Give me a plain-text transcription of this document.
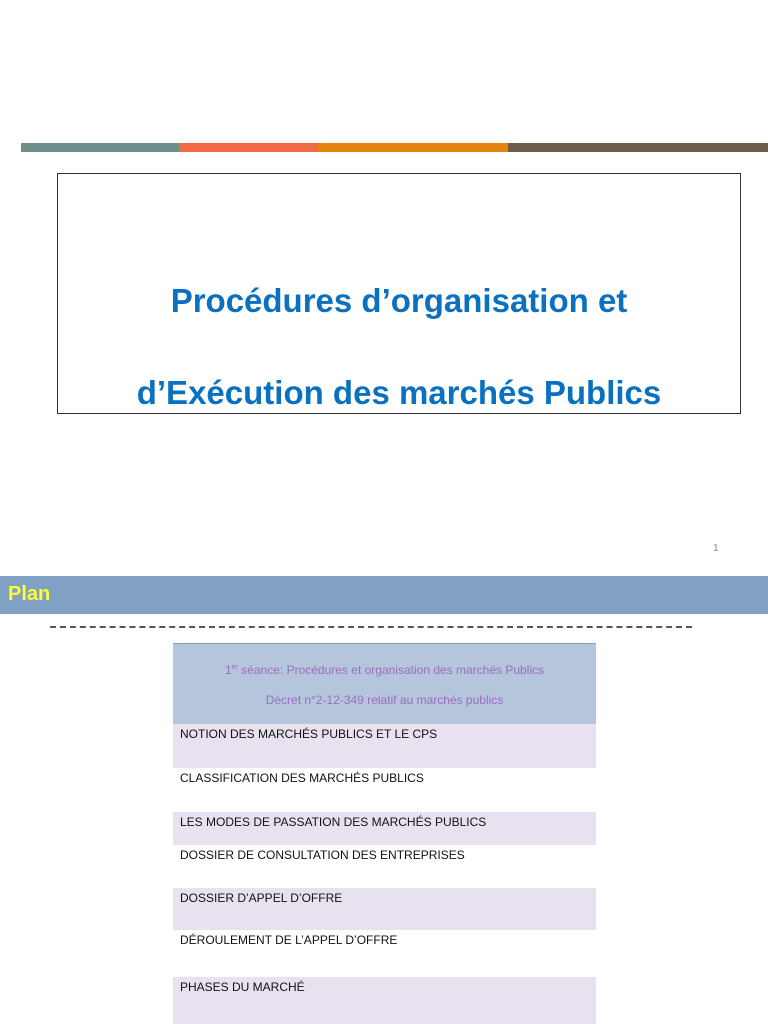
Procédures d’organisation et
d’Exécution des marchés Publics
1
Plan
1er séance: Procédures et organisation des marchés Publics
Décret n°2-12-349 relatif au marchés publics
NOTION DES MARCHÉS PUBLICS ET LE CPS
CLASSIFICATION DES MARCHÉS PUBLICS
LES MODES DE PASSATION DES MARCHÉS PUBLICS
DOSSIER DE CONSULTATION DES ENTREPRISES
DOSSIER D’APPEL D’OFFRE
DÉROULEMENT DE L’APPEL D’OFFRE
PHASES DU MARCHÉ
